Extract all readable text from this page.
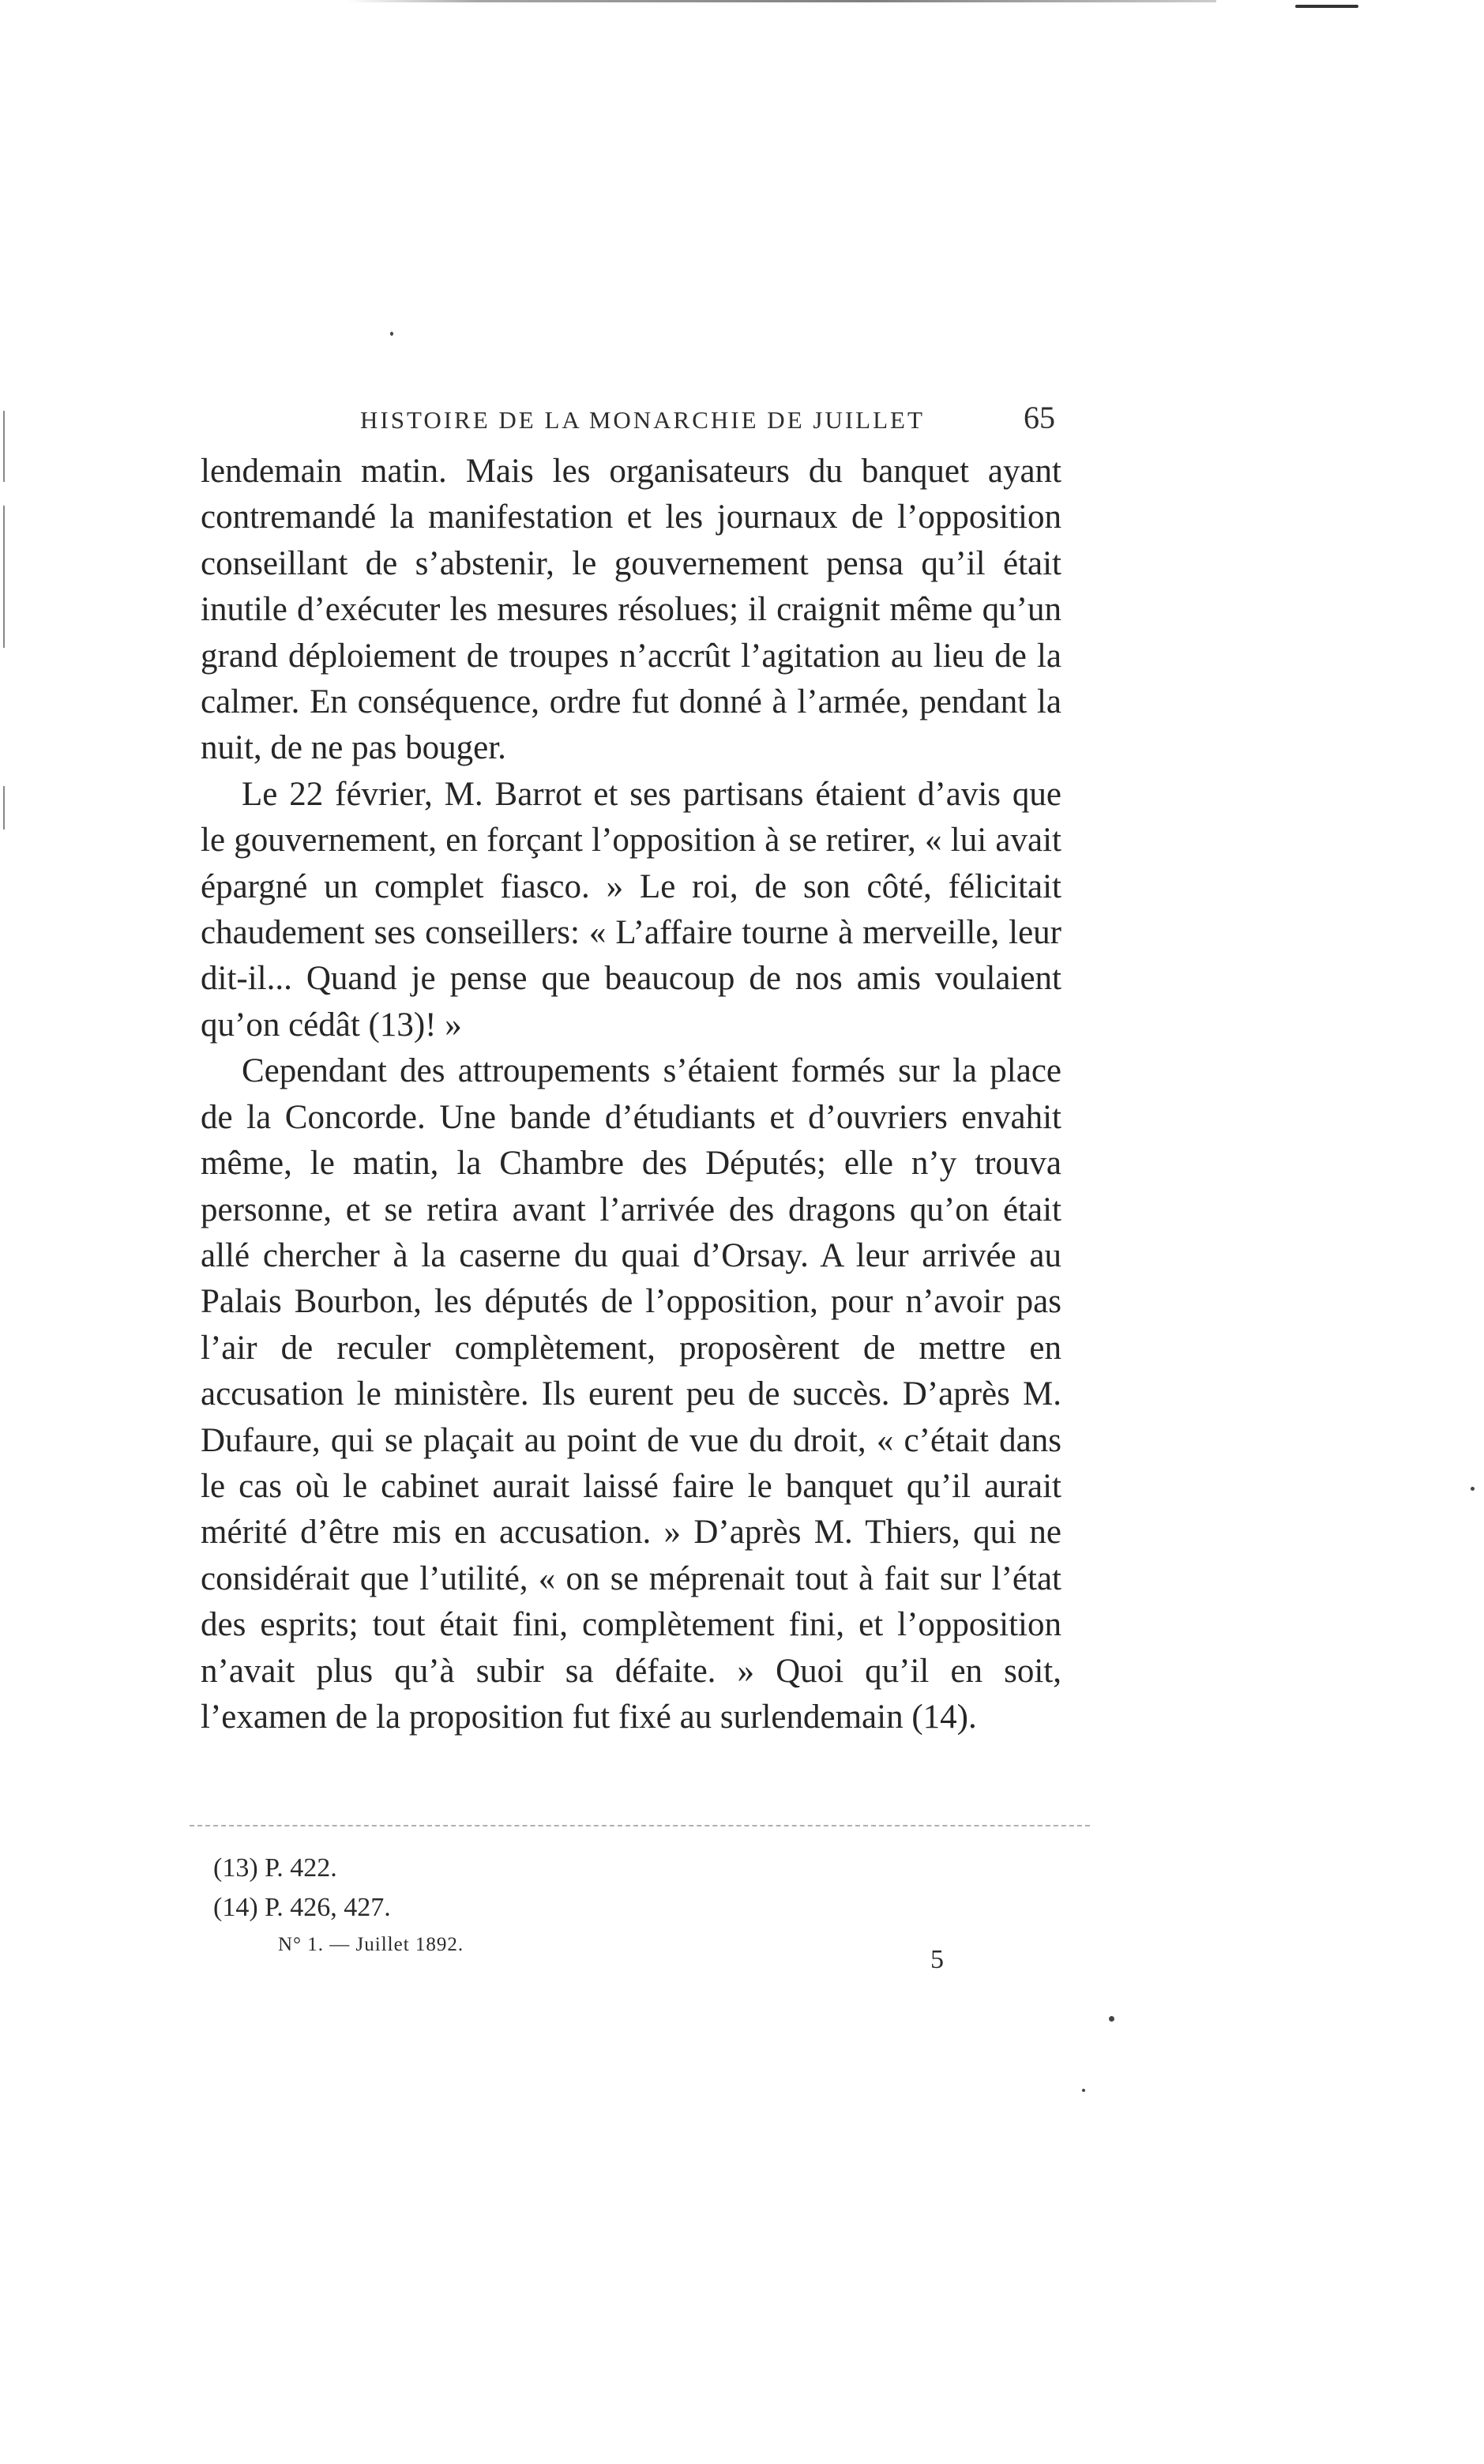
HISTOIRE DE LA MONARCHIE DE JUILLET	65

lendemain matin. Mais les organisateurs du banquet ayant contremandé la manifestation et les journaux de l’opposition conseillant de s’abstenir, le gouvernement pensa qu’il était inutile d’exécuter les mesures résolues; il craignit même qu’un grand déploiement de troupes n’accrût l’agitation au lieu de la calmer. En conséquence, ordre fut donné à l’armée, pendant la nuit, de ne pas bouger.

Le 22 février, M. Barrot et ses partisans étaient d’avis que le gouvernement, en forçant l’opposition à se retirer, « lui avait épargné un complet fiasco. » Le roi, de son côté, félicitait chaudement ses conseillers: « L’affaire tourne à merveille, leur dit-il... Quand je pense que beaucoup de nos amis voulaient qu’on cédât (13)! »

Cependant des attroupements s’étaient formés sur la place de la Concorde. Une bande d’étudiants et d’ouvriers envahit même, le matin, la Chambre des Députés; elle n’y trouva personne, et se retira avant l’arrivée des dragons qu’on était allé chercher à la caserne du quai d’Orsay. A leur arrivée au Palais Bourbon, les députés de l’opposition, pour n’avoir pas l’air de reculer complètement, proposèrent de mettre en accusation le ministère. Ils eurent peu de succès. D’après M. Dufaure, qui se plaçait au point de vue du droit, « c’était dans le cas où le cabinet aurait laissé faire le banquet qu’il aurait mérité d’être mis en accusation. » D’après M. Thiers, qui ne considérait que l’utilité, « on se méprenait tout à fait sur l’état des esprits; tout était fini, complètement fini, et l’opposition n’avait plus qu’à subir sa défaite. » Quoi qu’il en soit, l’examen de la proposition fut fixé au surlendemain (14).

(13) P. 422.
(14) P. 426, 427.
N° 1. — Juillet 1892.
5
